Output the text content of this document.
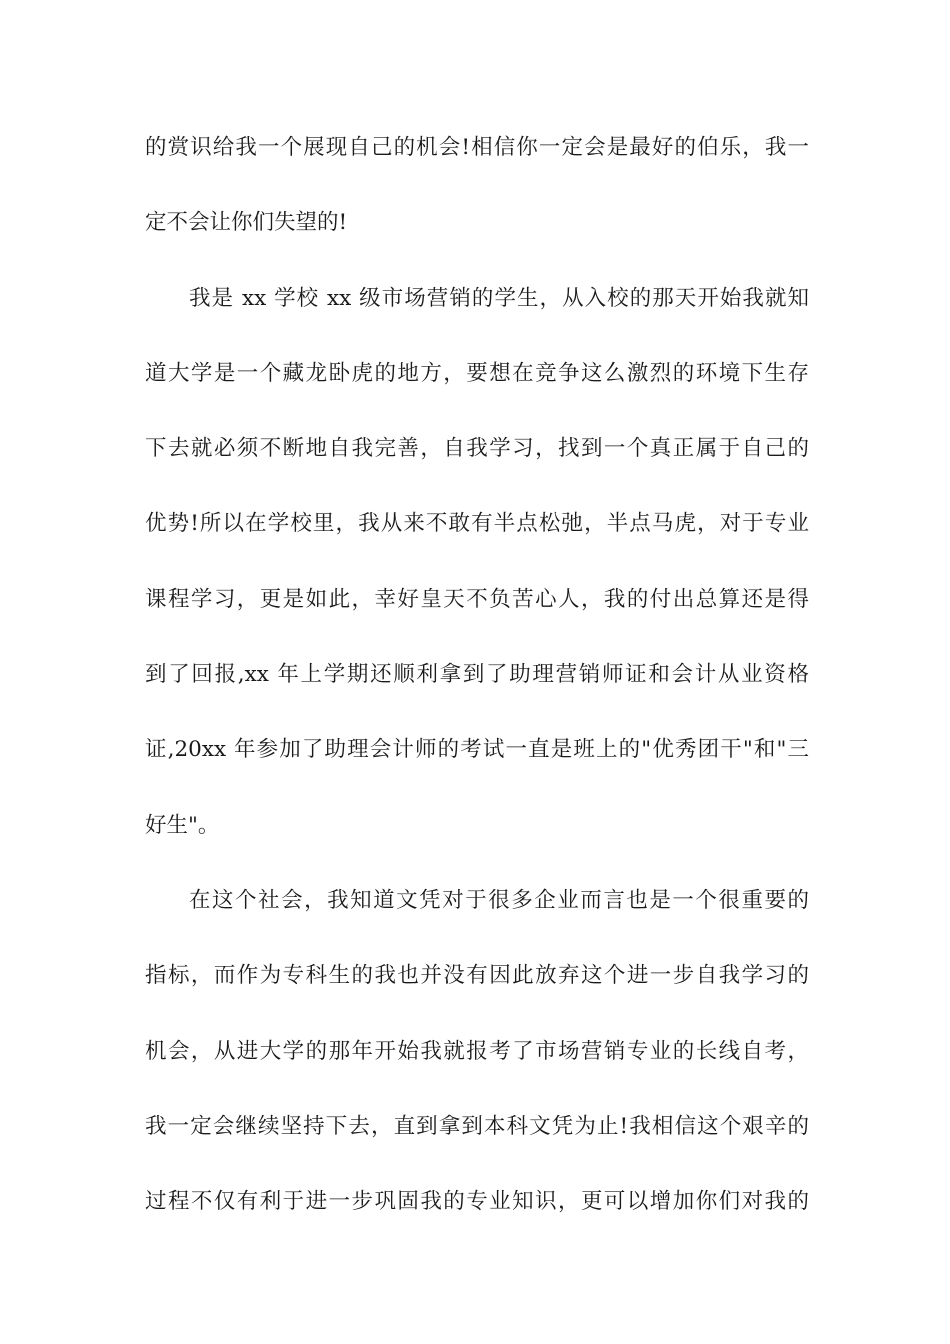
的赏识给我一个展现自己的机会!相信你一定会是最好的伯乐，我一
定不会让你们失望的!
我是 xx 学校 xx 级市场营销的学生，从入校的那天开始我就知
道大学是一个藏龙卧虎的地方，要想在竞争这么激烈的环境下生存
下去就必须不断地自我完善，自我学习，找到一个真正属于自己的
优势!所以在学校里，我从来不敢有半点松弛，半点马虎，对于专业
课程学习，更是如此，幸好皇天不负苦心人，我的付出总算还是得
到了回报,xx 年上学期还顺利拿到了助理营销师证和会计从业资格
证,20xx 年参加了助理会计师的考试一直是班上的"优秀团干"和"三
好生"。
在这个社会，我知道文凭对于很多企业而言也是一个很重要的
指标，而作为专科生的我也并没有因此放弃这个进一步自我学习的
机会，从进大学的那年开始我就报考了市场营销专业的长线自考，
我一定会继续坚持下去，直到拿到本科文凭为止!我相信这个艰辛的
过程不仅有利于进一步巩固我的专业知识，更可以增加你们对我的
